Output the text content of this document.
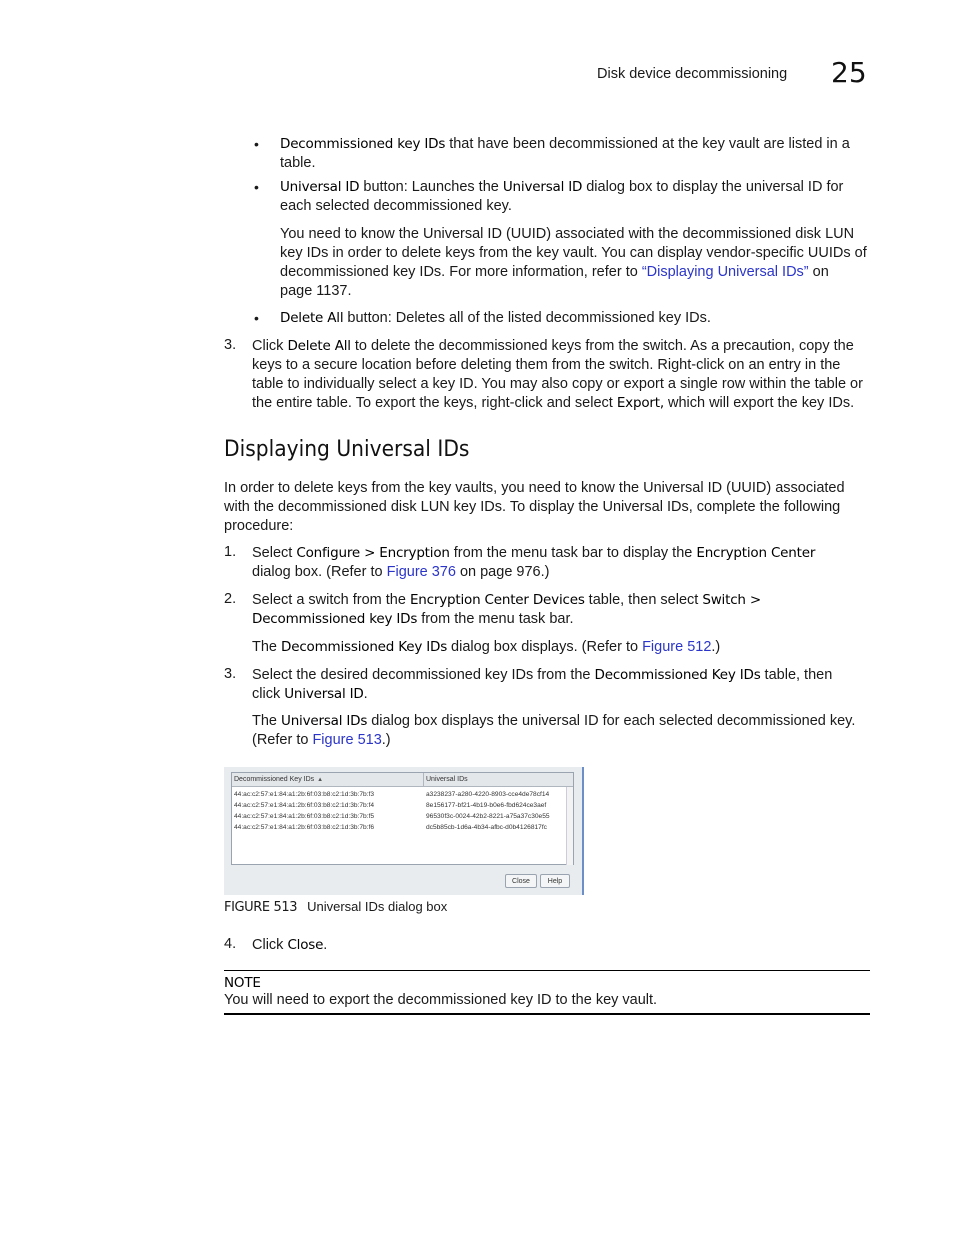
Disk device decommissioning 25
• Decommissioned key IDs that have been decommissioned at the key vault are listed in a
table.

• Universal ID button: Launches the Universal ID dialog box to display the universal ID for
each selected decommissioned key.

You need to know the Universal ID (UUID) associated with the decommissioned disk LUN
key IDs in order to delete keys from the key vault. You can display vendor-specific UUIDs of
decommissioned key IDs. For more information, refer to “Displaying Universal IDs” on
page 1137.

• Delete All button: Deletes all of the listed decommissioned key IDs.

3. Click Delete All to delete the decommissioned keys from the switch. As a precaution, copy the
keys to a secure location before deleting them from the switch. Right-click on an entry in the
table to individually select a key ID. You may also copy or export a single row within the table or
the entire table. To export the keys, right-click and select Export, which will export the key IDs.

Displaying Universal IDs

In order to delete keys from the key vaults, you need to know the Universal ID (UUID) associated
with the decommissioned disk LUN key IDs. To display the Universal IDs, complete the following
procedure:

1. Select Configure > Encryption from the menu task bar to display the Encryption Center
dialog box. (Refer to Figure 376 on page 976.)

2. Select a switch from the Encryption Center Devices table, then select Switch >
Decommissioned key IDs from the menu task bar.

The Decommissioned Key IDs dialog box displays. (Refer to Figure 512.)

3. Select the desired decommissioned key IDs from the Decommissioned Key IDs table, then
click Universal ID.

The Universal IDs dialog box displays the universal ID for each selected decommissioned key.
(Refer to Figure 513.)

Decommissioned Key IDs ▲	Universal IDs
44:ac:c2:57:e1:84:a1:2b:6f:03:b8:c2:1d:3b:7b:f3	a3238237-a280-4220-8903-cce4de78cf14
44:ac:c2:57:e1:84:a1:2b:6f:03:b8:c2:1d:3b:7b:f4	8e156177-bf21-4b19-b0e6-fbd624ce3aef
44:ac:c2:57:e1:84:a1:2b:6f:03:b8:c2:1d:3b:7b:f5	96530f3c-0024-42b2-8221-a75a37c30e55
44:ac:c2:57:e1:84:a1:2b:6f:03:b8:c2:1d:3b:7b:f6	dc5b85cb-1d6a-4b34-afbc-d0b4126817fc
Close	Help
FIGURE 513 Universal IDs dialog box
4. Click Close.

NOTE

You will need to export the decommissioned key ID to the key vault.
